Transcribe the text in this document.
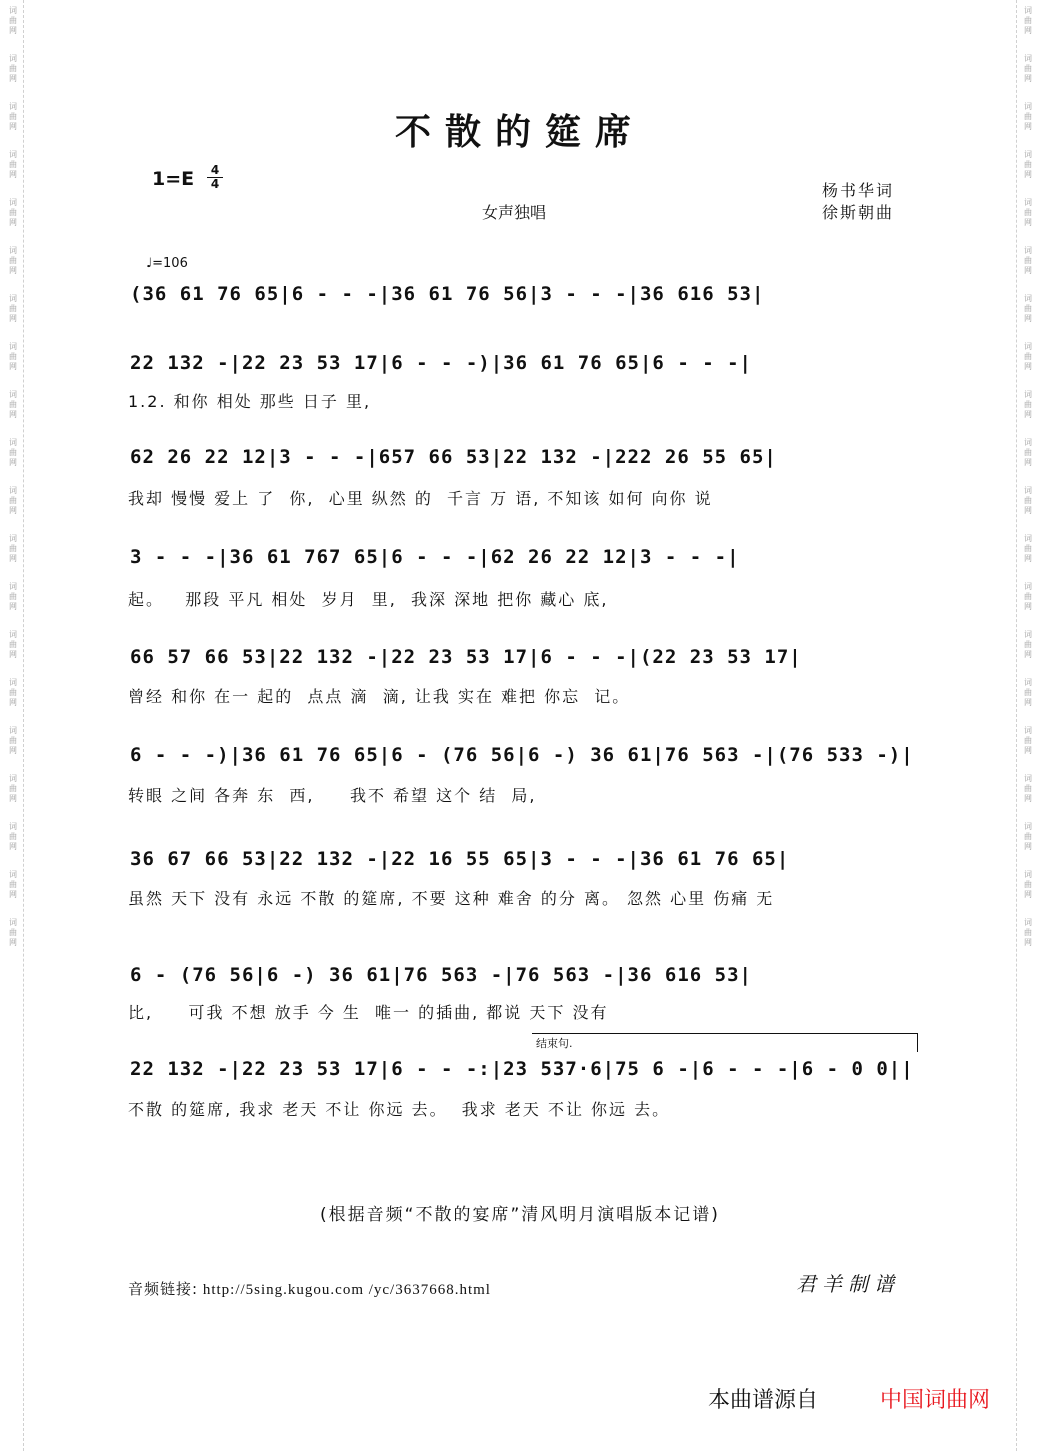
词曲网
词曲网
词曲网
词曲网
词曲网
词曲网
词曲网
词曲网
词曲网
词曲网
词曲网
词曲网
词曲网
词曲网
词曲网
词曲网
词曲网
词曲网
词曲网
词曲网
词曲网
词曲网
词曲网
词曲网
词曲网
词曲网
词曲网
词曲网
词曲网
词曲网
词曲网
词曲网
词曲网
词曲网
词曲网
词曲网
词曲网
词曲网
词曲网
词曲网
不散的筵席
1=E	4
4
女声独唱
杨书华词
徐斯朝曲
♩=106
(36 61 76 65|6 - - -|36 61 76 56|3 - - -|36 616 53|
22 132 -|22 23 53 17|6 - - -)|36 61 76 65|6 - - -|
1.2. 和你 相处 那些 日子 里,
62 26 22 12|3 - - -|657 66 53|22 132 -|222 26 55 65|
我却 慢慢 爱上 了  你,  心里 纵然 的  千言 万 语, 不知该 如何 向你 说
3 - - -|36 61 767 65|6 - - -|62 26 22 12|3 - - -|
起。   那段 平凡 相处  岁月  里,  我深 深地 把你 藏心 底,
66 57 66 53|22 132 -|22 23 53 17|6 - - -|(22 23 53 17|
曾经 和你 在一 起的  点点 滴  滴, 让我 实在 难把 你忘  记。
6 - - -)|36 61 76 65|6 - (76 56|6 -) 36 61|76 563 -|(76 533 -)|
转眼 之间 各奔 东  西,     我不 希望 这个 结  局,
36 67 66 53|22 132 -|22 16 55 65|3 - - -|36 61 76 65|
虽然 天下 没有 永远 不散 的筵席, 不要 这种 难舍 的分 离。 忽然 心里 伤痛 无
6 - (76 56|6 -) 36 61|76 563 -|76 563 -|36 616 53|
比,     可我 不想 放手 今 生  唯一 的插曲, 都说 天下 没有
结束句.
22 132 -|22 23 53 17|6 - - -:|23 537·6|75 6 -|6 - - -|6 - 0 0||
不散 的筵席, 我求 老天 不让 你远 去。  我求 老天 不让 你远 去。
(根据音频“不散的宴席”清风明月演唱版本记谱)
音频链接: http://5sing.kugou.com /yc/3637668.html	君羊制谱
本曲谱源自	中国词曲网
